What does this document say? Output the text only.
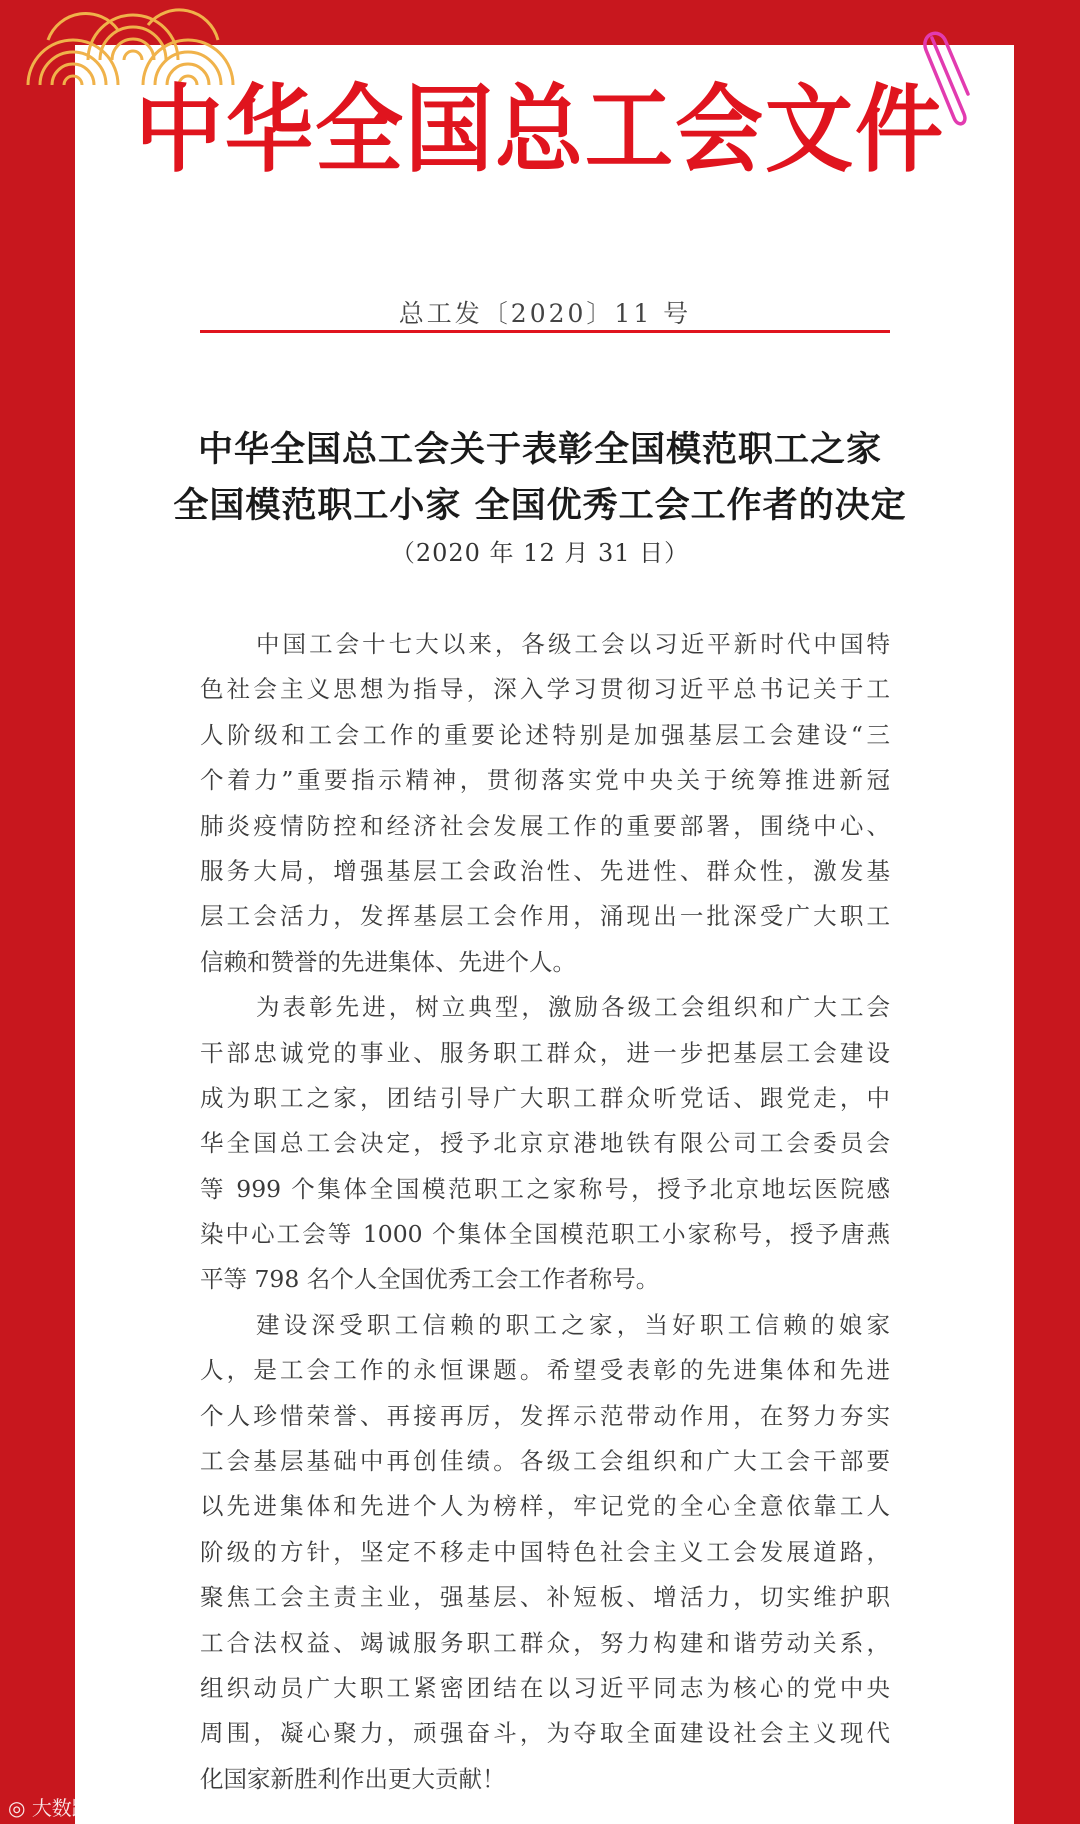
中华全国总工会文件
总工发〔2020〕11 号
中华全国总工会关于表彰全国模范职工之家
全国模范职工小家 全国优秀工会工作者的决定
（2020 年 12 月 31 日）
中国工会十七大以来，各级工会以习近平新时代中国特
色社会主义思想为指导，深入学习贯彻习近平总书记关于工
人阶级和工会工作的重要论述特别是加强基层工会建设“三
个着力”重要指示精神，贯彻落实党中央关于统筹推进新冠
肺炎疫情防控和经济社会发展工作的重要部署，围绕中心、
服务大局，增强基层工会政治性、先进性、群众性，激发基
层工会活力，发挥基层工会作用，涌现出一批深受广大职工
信赖和赞誉的先进集体、先进个人。
为表彰先进，树立典型，激励各级工会组织和广大工会
干部忠诚党的事业、服务职工群众，进一步把基层工会建设
成为职工之家，团结引导广大职工群众听党话、跟党走，中
华全国总工会决定，授予北京京港地铁有限公司工会委员会
等 999 个集体全国模范职工之家称号，授予北京地坛医院感
染中心工会等 1000 个集体全国模范职工小家称号，授予唐燕
平等 798 名个人全国优秀工会工作者称号。
建设深受职工信赖的职工之家，当好职工信赖的娘家
人，是工会工作的永恒课题。希望受表彰的先进集体和先进
个人珍惜荣誉、再接再厉，发挥示范带动作用，在努力夯实
工会基层基础中再创佳绩。各级工会组织和广大工会干部要
以先进集体和先进个人为榜样，牢记党的全心全意依靠工人
阶级的方针，坚定不移走中国特色社会主义工会发展道路，
聚焦工会主责主业，强基层、补短板、增活力，切实维护职
工合法权益、竭诚服务职工群众，努力构建和谐劳动关系，
组织动员广大职工紧密团结在以习近平同志为核心的党中央
周围，凝心聚力，顽强奋斗，为夺取全面建设社会主义现代
化国家新胜利作出更大贡献！
◎ 大数跨境
